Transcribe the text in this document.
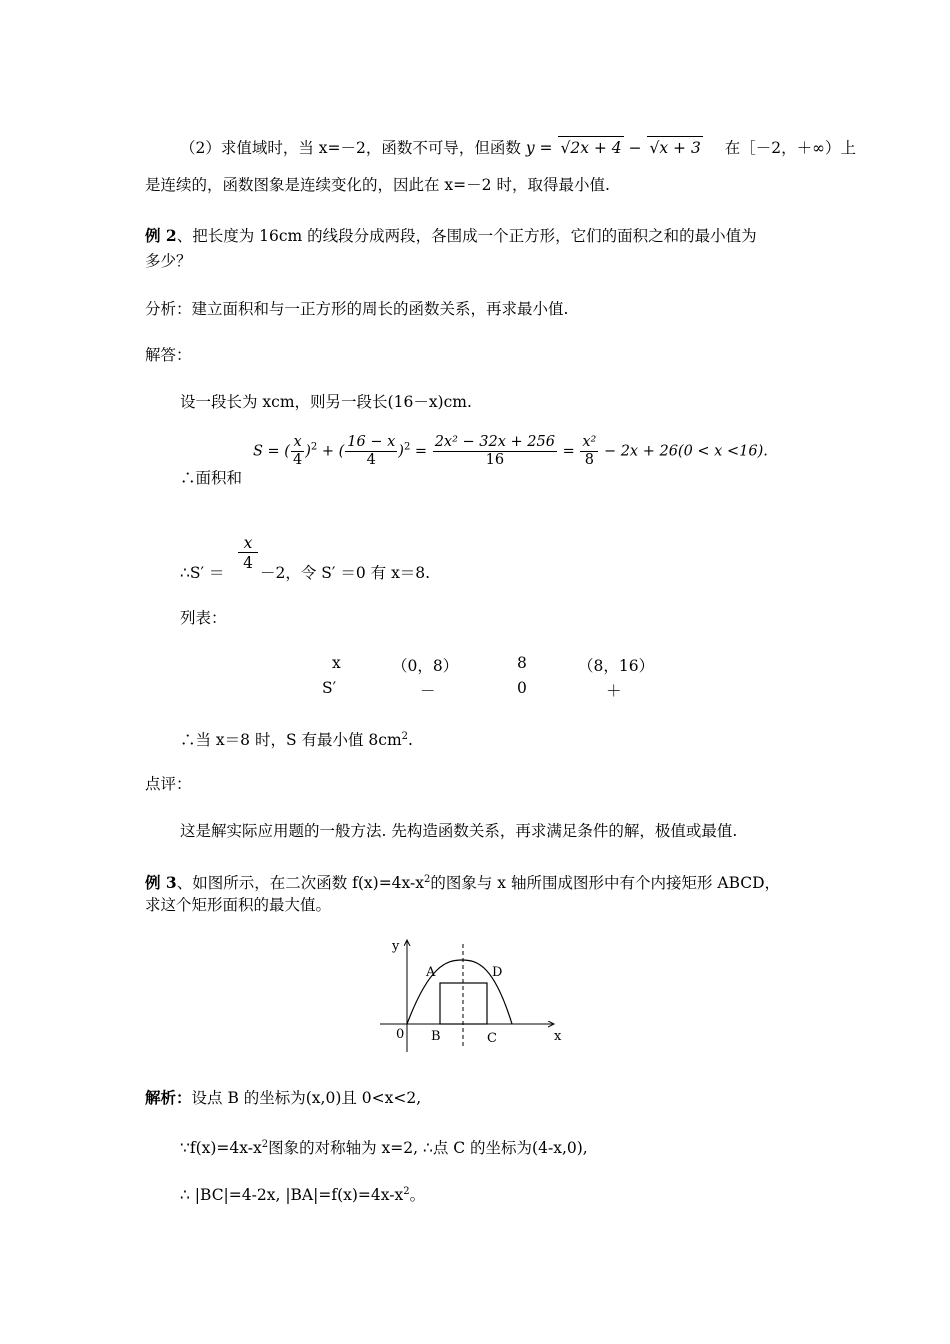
（2）求值域时，当 x=－2，函数不可导，但函数 y = √2x + 4 − √x + 3 在［－2，＋∞）上
是连续的，函数图象是连续变化的，因此在 x=－2 时，取得最小值.
例 2、把长度为 16cm 的线段分成两段，各围成一个正方形，它们的面积之和的最小值为
多少？
分析：建立面积和与一正方形的周长的函数关系，再求最小值.
解答：
设一段长为 xcm，则另一段长(16－x)cm.
∴面积和
S = ( $\frac{x}{4} )^2$ + ( $\frac{16 - x}{4} )^2 = \frac{\text{2x² − 32x + 256}}{16} = \frac{\text{x²}}{8} - 2x + 26(0 < x <16)$.
∴S′ ＝
x
4
－2，令 S′ ＝0 有 x＝8.
列表：
x	（0，8）	8	（8，16）
S′	－	0	＋
∴当 x＝8 时，S 有最小值 $8cm^2$.
点评：
这是解实际应用题的一般方法. 先构造函数关系，再求满足条件的解，极值或最值.
例 3、如图所示，在二次函数 $f(x)=4x-x^2$的图象与 x 轴所围成图形中有个内接矩形 ABCD，
求这个矩形面积的最大值。
y
x
0
A	D
B	C
解析：设点 B 的坐标为(x,0)且 0<x<2,
$\because f(x)=4x-x^2$图象的对称轴为 x=2, ∴点 C 的坐标为(4-x,0),
∴ |BC|=4-2x, $|BA|=f(x)=4x-x^2$。
